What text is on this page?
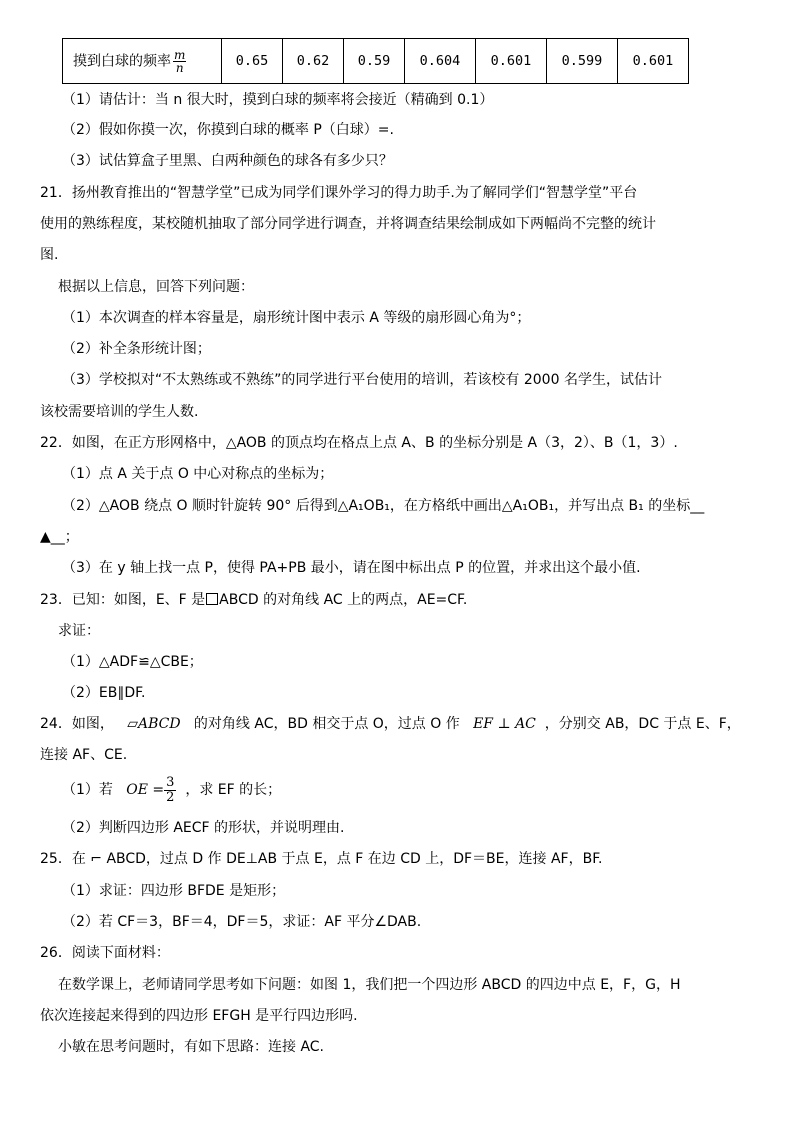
摸到白球的频率 $\frac{m}{n}$	0.65	0.62	0.59	0.604	0.601	0.599	0.601
（1）请估计：当 n 很大时，摸到白球的频率将会接近（精确到 0.1）
（2）假如你摸一次，你摸到白球的概率 P（白球）=.
（3）试估算盒子里黑、白两种颜色的球各有多少只？
21．扬州教育推出的“智慧学堂”已成为同学们课外学习的得力助手.为了解同学们“智慧学堂”平台
使用的熟练程度，某校随机抽取了部分同学进行调查，并将调查结果绘制成如下两幅尚不完整的统计
图.
根据以上信息，回答下列问题：
（1）本次调查的样本容量是，扇形统计图中表示 A 等级的扇形圆心角为°；
（2）补全条形统计图；
（3）学校拟对“不太熟练或不熟练”的同学进行平台使用的培训，若该校有 2000 名学生，试估计
该校需要培训的学生人数.
22．如图，在正方形网格中，△AOB 的顶点均在格点上点 A、B 的坐标分别是 A（3，2）、B（1，3）.
（1）点 A 关于点 O 中心对称点的坐标为；
（2）△AOB 绕点 O 顺时针旋转 90° 后得到△A₁OB₁，在方格纸中画出△A₁OB₁，并写出点 B₁ 的坐标__
▲__；
（3）在 y 轴上找一点 P，使得 PA+PB 最小，请在图中标出点 P 的位置，并求出这个最小值.
23．已知：如图，E、F 是 ABCD 的对角线 AC 上的两点，AE=CF.
求证：
（1）△ADF≌△CBE；
（2）EB∥DF.
24．如图， ▱ABCD 的对角线 AC，BD 相交于点 O，过点 O 作 EF ⊥ AC ，分别交 AB，DC 于点 E、F，
连接 AF、CE.
（1）若 OE = $\frac{3}{2}$ ，求 EF 的长；
（2）判断四边形 AECF 的形状，并说明理由.
25．在 ⌐ ABCD，过点 D 作 DE⊥AB 于点 E，点 F 在边 CD 上，DF＝BE，连接 AF，BF.
（1）求证：四边形 BFDE 是矩形；
（2）若 CF＝3，BF＝4，DF＝5，求证：AF 平分∠DAB.
26．阅读下面材料：
在数学课上，老师请同学思考如下问题：如图 1，我们把一个四边形 ABCD 的四边中点 E，F，G，H
依次连接起来得到的四边形 EFGH 是平行四边形吗.
小敏在思考问题时，有如下思路：连接 AC.
